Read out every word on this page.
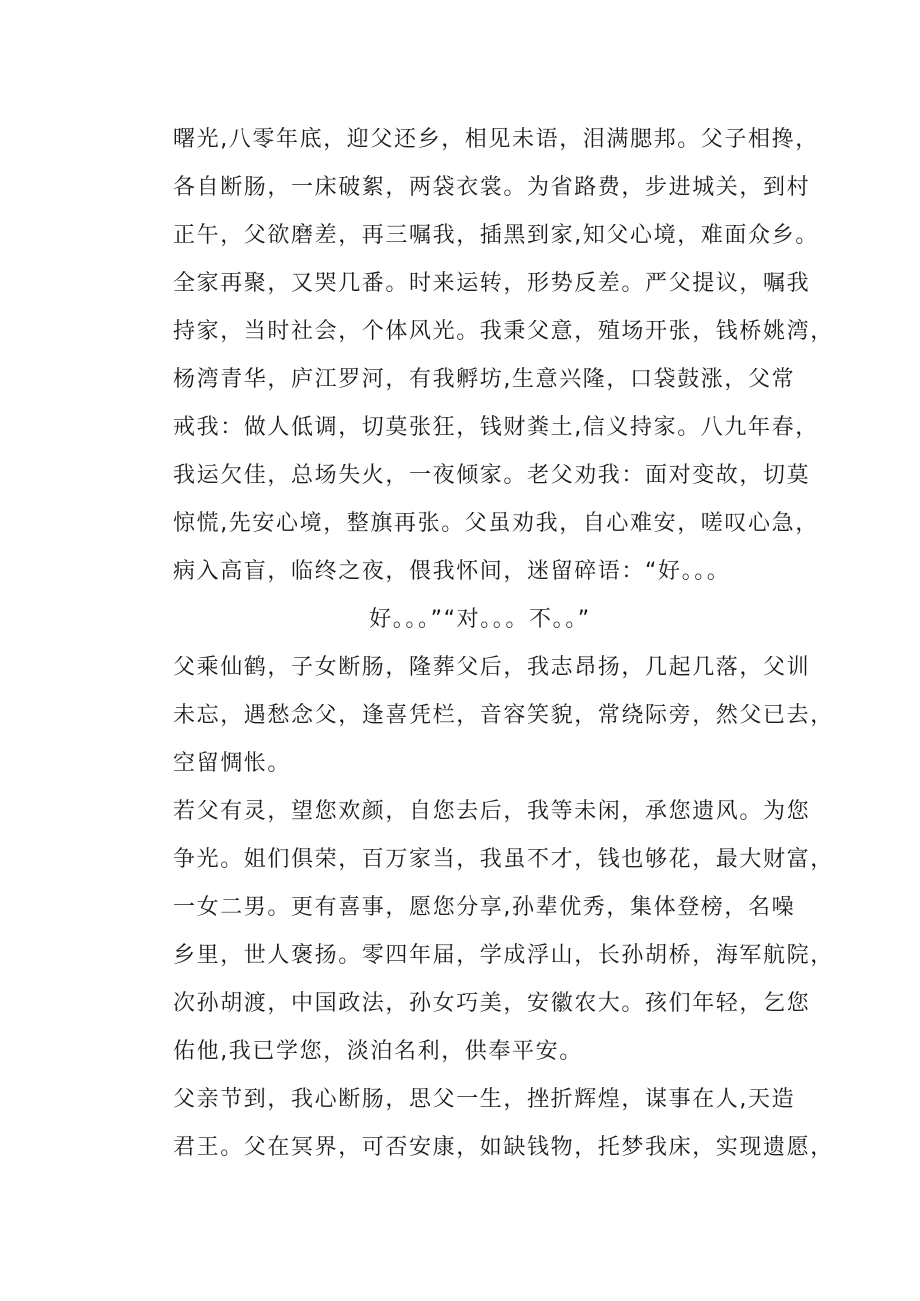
曙光,八零年底，迎父还乡，相见未语，泪满腮邦。父子相搀，
各自断肠，一床破絮，两袋衣裳。为省路费，步进城关，到村
正午，父欲磨差，再三嘱我，插黑到家,知父心境，难面众乡。
全家再聚，又哭几番。时来运转，形势反差。严父提议，嘱我
持家，当时社会，个体风光。我秉父意，殖场开张，钱桥姚湾，
杨湾青华，庐江罗河，有我孵坊,生意兴隆，口袋鼓涨，父常
戒我：做人低调，切莫张狂，钱财粪土,信义持家。八九年春，
我运欠佳，总场失火，一夜倾家。老父劝我：面对变故，切莫
惊慌,先安心境，整旗再张。父虽劝我，自心难安，嗟叹心急，
病入高盲，临终之夜，偎我怀间，迷留碎语：“好。。。
好。。。”“对。。。不。。”
父乘仙鹤，子女断肠，隆葬父后，我志昂扬，几起几落，父训
未忘，遇愁念父，逢喜凭栏，音容笑貌，常绕际旁，然父已去，
空留惆怅。
若父有灵，望您欢颜，自您去后，我等未闲，承您遗风。为您
争光。姐们俱荣，百万家当，我虽不才，钱也够花，最大财富，
一女二男。更有喜事，愿您分享,孙辈优秀，集体登榜，名噪
乡里，世人褒扬。零四年届，学成浮山，长孙胡桥，海军航院，
次孙胡渡，中国政法，孙女巧美，安徽农大。孩们年轻，乞您
佑他,我已学您，淡泊名利，供奉平安。
父亲节到，我心断肠，思父一生，挫折辉煌，谋事在人,天造
君王。父在冥界，可否安康，如缺钱物，托梦我床，实现遗愿，
